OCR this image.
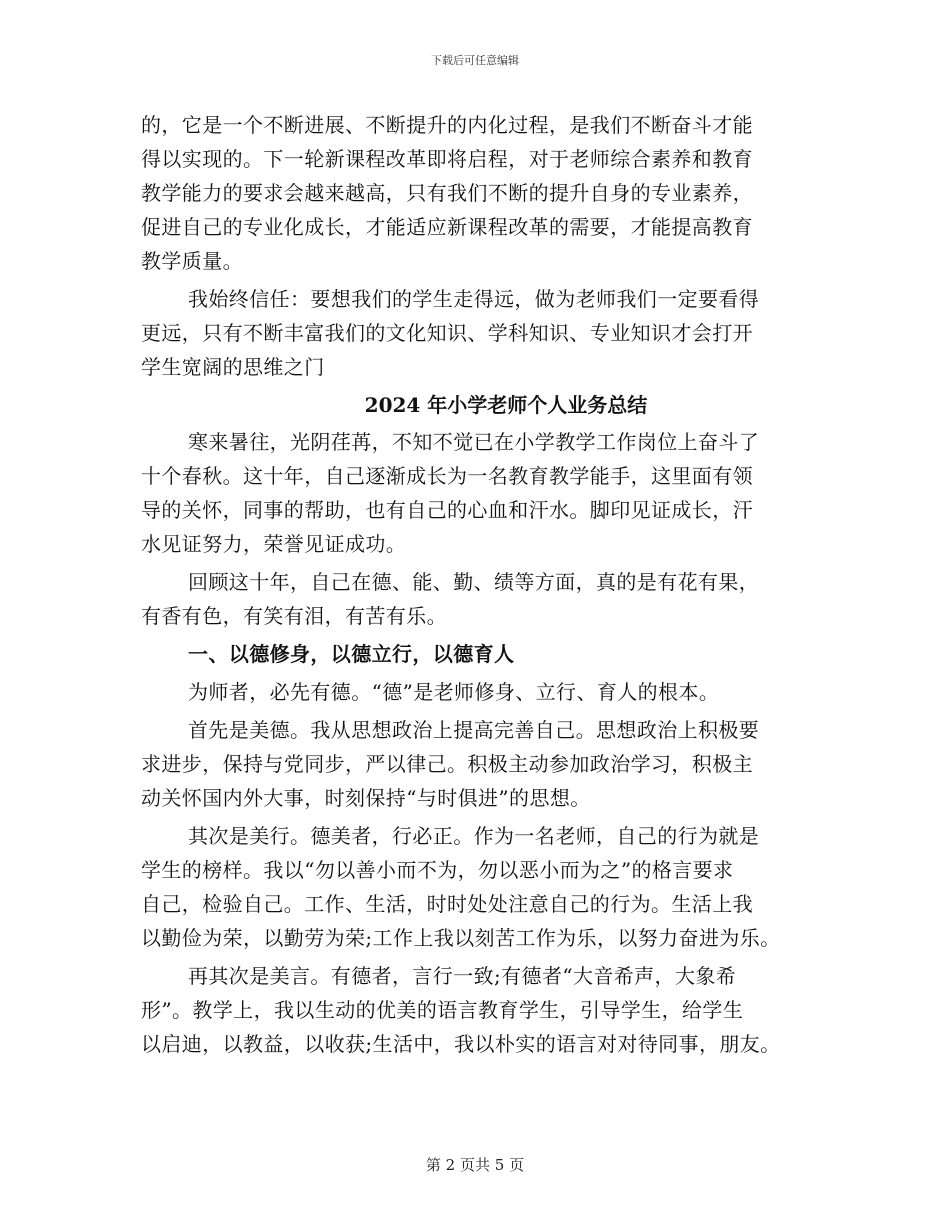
下载后可任意编辑
的，它是一个不断进展、不断提升的内化过程，是我们不断奋斗才能
得以实现的。下一轮新课程改革即将启程，对于老师综合素养和教育
教学能力的要求会越来越高，只有我们不断的提升自身的专业素养，
促进自己的专业化成长，才能适应新课程改革的需要，才能提高教育
教学质量。
我始终信任：要想我们的学生走得远，做为老师我们一定要看得
更远，只有不断丰富我们的文化知识、学科知识、专业知识才会打开
学生宽阔的思维之门
2024 年小学老师个人业务总结
寒来暑往，光阴荏苒，不知不觉已在小学教学工作岗位上奋斗了
十个春秋。这十年，自己逐渐成长为一名教育教学能手，这里面有领
导的关怀，同事的帮助，也有自己的心血和汗水。脚印见证成长，汗
水见证努力，荣誉见证成功。
回顾这十年，自己在德、能、勤、绩等方面，真的是有花有果，
有香有色，有笑有泪，有苦有乐。
一、以德修身，以德立行，以德育人
为师者，必先有德。“德”是老师修身、立行、育人的根本。
首先是美德。我从思想政治上提高完善自己。思想政治上积极要
求进步，保持与党同步，严以律己。积极主动参加政治学习，积极主
动关怀国内外大事，时刻保持“与时俱进”的思想。
其次是美行。德美者，行必正。作为一名老师，自己的行为就是
学生的榜样。我以“勿以善小而不为，勿以恶小而为之”的格言要求
自己，检验自己。工作、生活，时时处处注意自己的行为。生活上我
以勤俭为荣，以勤劳为荣;工作上我以刻苦工作为乐，以努力奋进为乐。
再其次是美言。有德者，言行一致;有德者“大音希声，大象希
形”。教学上，我以生动的优美的语言教育学生，引导学生，给学生
以启迪，以教益，以收获;生活中，我以朴实的语言对对待同事，朋友。
第 2 页共 5 页
